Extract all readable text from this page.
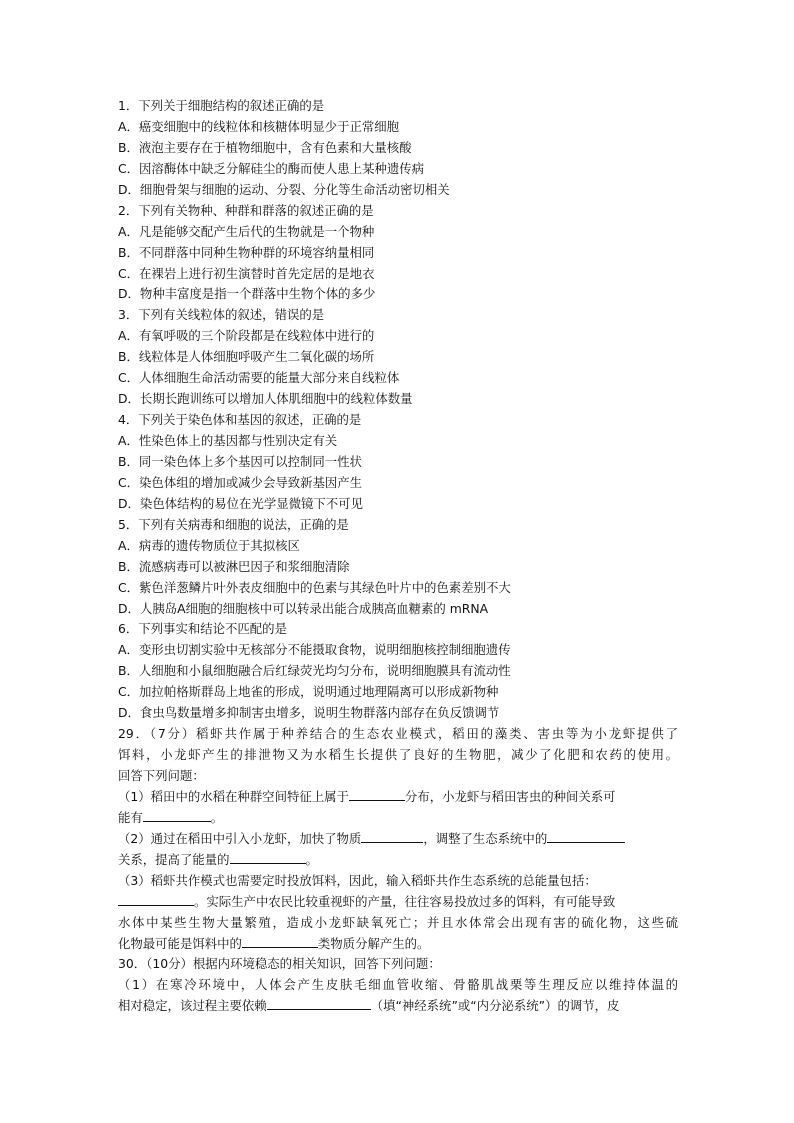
1．下列关于细胞结构的叙述正确的是
A．癌变细胞中的线粒体和核糖体明显少于正常细胞
B．液泡主要存在于植物细胞中，含有色素和大量核酸
C．因溶酶体中缺乏分解硅尘的酶而使人患上某种遗传病
D．细胞骨架与细胞的运动、分裂、分化等生命活动密切相关
2．下列有关物种、种群和群落的叙述正确的是
A．凡是能够交配产生后代的生物就是一个物种
B．不同群落中同种生物种群的环境容纳量相同
C．在裸岩上进行初生演替时首先定居的是地衣
D．物种丰富度是指一个群落中生物个体的多少
3．下列有关线粒体的叙述，错误的是
A．有氧呼吸的三个阶段都是在线粒体中进行的
B．线粒体是人体细胞呼吸产生二氧化碳的场所
C．人体细胞生命活动需要的能量大部分来自线粒体
D．长期长跑训练可以增加人体肌细胞中的线粒体数量
4．下列关于染色体和基因的叙述，正确的是
A．性染色体上的基因都与性别决定有关
B．同一染色体上多个基因可以控制同一性状
C．染色体组的增加或减少会导致新基因产生
D．染色体结构的易位在光学显微镜下不可见
5．下列有关病毒和细胞的说法，正确的是
A．病毒的遗传物质位于其拟核区
B．流感病毒可以被淋巴因子和浆细胞清除
C．紫色洋葱鳞片叶外表皮细胞中的色素与其绿色叶片中的色素差别不大
D．人胰岛A细胞的细胞核中可以转录出能合成胰高血糖素的 mRNA
6．下列事实和结论不匹配的是
A．变形虫切割实验中无核部分不能摄取食物，说明细胞核控制细胞遗传
B．人细胞和小鼠细胞融合后红绿荧光均匀分布，说明细胞膜具有流动性
C．加拉帕格斯群岛上地雀的形成，说明通过地理隔离可以形成新物种
D．食虫鸟数量增多抑制害虫增多，说明生物群落内部存在负反馈调节
29．（7分）稻虾共作属于种养结合的生态农业模式，稻田的藻类、害虫等为小龙虾提供了
饵料，小龙虾产生的排泄物又为水稻生长提供了良好的生物肥，减少了化肥和农药的使用。
回答下列问题：
（1）稻田中的水稻在种群空间特征上属于	分布，小龙虾与稻田害虫的种间关系可
能有	。
（2）通过在稻田中引入小龙虾，加快了物质	，调整了生态系统中的
关系，提高了能量的	。
（3）稻虾共作模式也需要定时投放饵料，因此，输入稻虾共作生态系统的总能量包括：
。实际生产中农民比较重视虾的产量，往往容易投放过多的饵料，有可能导致
水体中某些生物大量繁殖，造成小龙虾缺氧死亡；并且水体常会出现有害的硫化物，这些硫
化物最可能是饵料中的	类物质分解产生的。
30．（10分）根据内环境稳态的相关知识，回答下列问题：
（1）在寒冷环境中，人体会产生皮肤毛细血管收缩、骨骼肌战栗等生理反应以维持体温的
相对稳定，该过程主要依赖	（填“神经系统”或“内分泌系统”）的调节，皮
